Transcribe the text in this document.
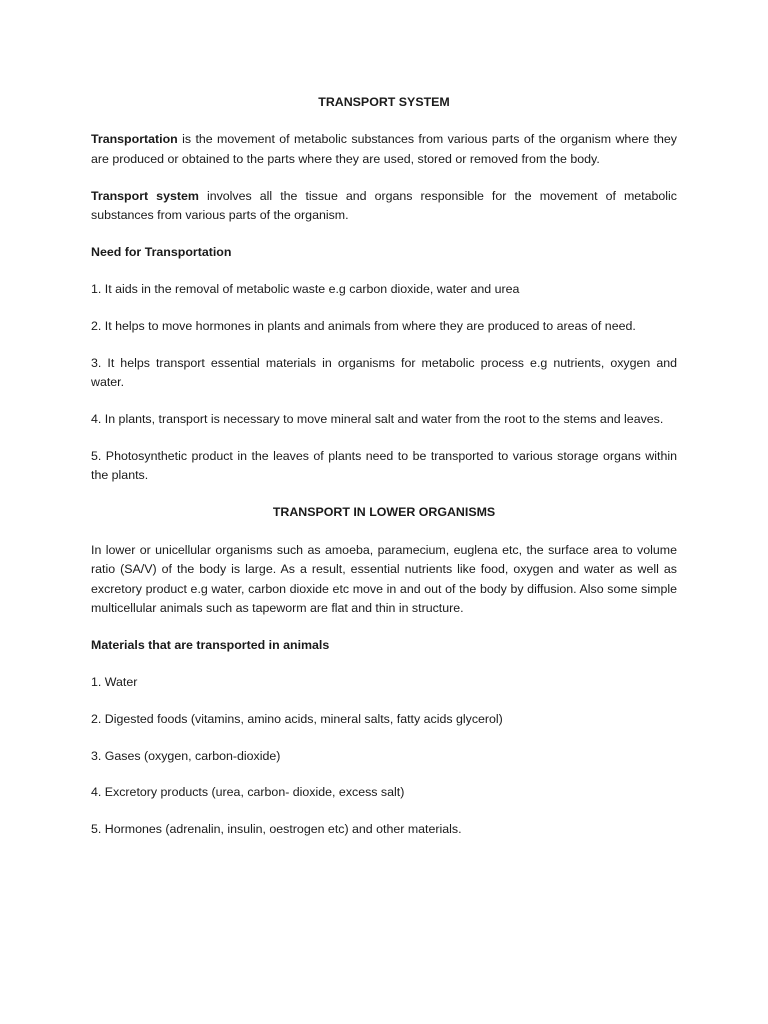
TRANSPORT SYSTEM

Transportation is the movement of metabolic substances from various parts of the organism where they are produced or obtained to the parts where they are used, stored or removed from the body.

Transport system involves all the tissue and organs responsible for the movement of metabolic substances from various parts of the organism.

Need for Transportation

1. It aids in the removal of metabolic waste e.g carbon dioxide, water and urea

2. It helps to move hormones in plants and animals from where they are produced to areas of need.

3. It helps transport essential materials in organisms for metabolic process e.g nutrients, oxygen and water.

4. In plants, transport is necessary to move mineral salt and water from the root to the stems and leaves.

5. Photosynthetic product in the leaves of plants need to be transported to various storage organs within the plants.

TRANSPORT IN LOWER ORGANISMS

In lower or unicellular organisms such as amoeba, paramecium, euglena etc, the surface area to volume ratio (SA/V) of the body is large. As a result, essential nutrients like food, oxygen and water as well as excretory product e.g water, carbon dioxide etc move in and out of the body by diffusion. Also some simple multicellular animals such as tapeworm are flat and thin in structure.

Materials that are transported in animals

1. Water

2. Digested foods (vitamins, amino acids, mineral salts, fatty acids glycerol)

3. Gases (oxygen, carbon-dioxide)

4. Excretory products (urea, carbon- dioxide, excess salt)

5. Hormones (adrenalin, insulin, oestrogen etc) and other materials.
